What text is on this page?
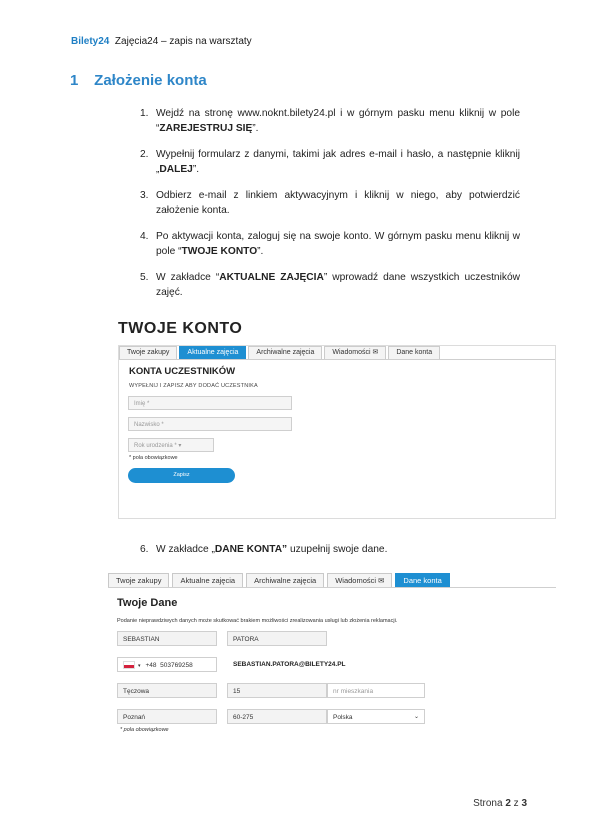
Bilety24 Zajęcia24 – zapis na warsztaty
1 Założenie konta
1. Wejdź na stronę www.noknt.bilety24.pl i w górnym pasku menu kliknij w pole “ZAREJESTRUJ SIĘ”.
2. Wypełnij formularz z danymi, takimi jak adres e-mail i hasło, a następnie kliknij „DALEJ”.
3. Odbierz e-mail z linkiem aktywacyjnym i kliknij w niego, aby potwierdzić założenie konta.
4. Po aktywacji konta, zaloguj się na swoje konto. W górnym pasku menu kliknij w pole “TWOJE KONTO”.
5. W zakładce “AKTUALNE ZAJĘCIA” wprowadź dane wszystkich uczestników zajęć.
TWOJE KONTO
Twoje zakupy	Aktualne zajęcia	Archiwalne zajęcia	Wiadomości ✉	Dane konta
KONTA UCZESTNIKÓW
WYPEŁNIJ I ZAPISZ ABY DODAĆ UCZESTNIKA
Imię *
Nazwisko *
Rok urodzenia * ▾
* pola obowiązkowe
Zapisz
6. W zakładce „DANE KONTA” uzupełnij swoje dane.
Twoje zakupy	Aktualne zajęcia	Archiwalne zajęcia	Wiadomości ✉	Dane konta
Twoje Dane
Podanie nieprawdziwych danych może skutkować brakiem możliwości zrealizowania usługi lub złożenia reklamacji.
SEBASTIAN	PATORA
▾ +48 503769258	SEBASTIAN.PATORA@BILETY24.PL
Tęczowa	15	nr mieszkania
Poznań	60-275	Polska	⌄
* pola obowiązkowe
Strona 2 z 3
